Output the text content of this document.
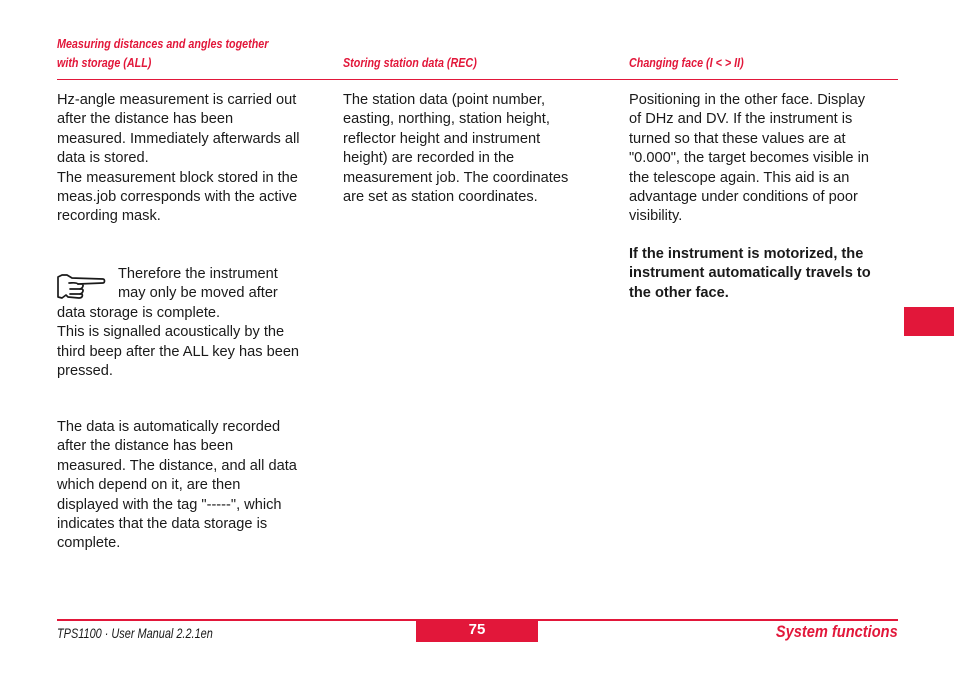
Measuring distances and angles together
with storage (ALL)	Storing station data (REC)	Changing face (I < > II)

Hz-angle measurement is carried out

after the distance has been

measured. Immediately afterwards all

data is stored.

The measurement block stored in the

meas.job corresponds with the active

recording mask.

Therefore the instrument

may only be moved after

data storage is complete.

This is signalled acoustically by the

third beep after the ALL key has been

pressed.

The data is automatically recorded

after the distance has been

measured. The distance, and all data

which depend on it, are then

displayed with the tag "-----", which

indicates that the data storage is

complete.

The station data (point number,

easting, northing, station height,

reflector height and instrument

height) are recorded in the

measurement job. The coordinates

are set as station coordinates.

Positioning in the other face. Display

of DHz and DV. If the instrument is

turned so that these values are at

"0.000", the target becomes visible in

the telescope again. This aid is an

advantage under conditions of poor

visibility.

If the instrument is motorized, the

instrument automatically travels to

the other face.

TPS1100 · User Manual 2.2.1en	75	System functions
